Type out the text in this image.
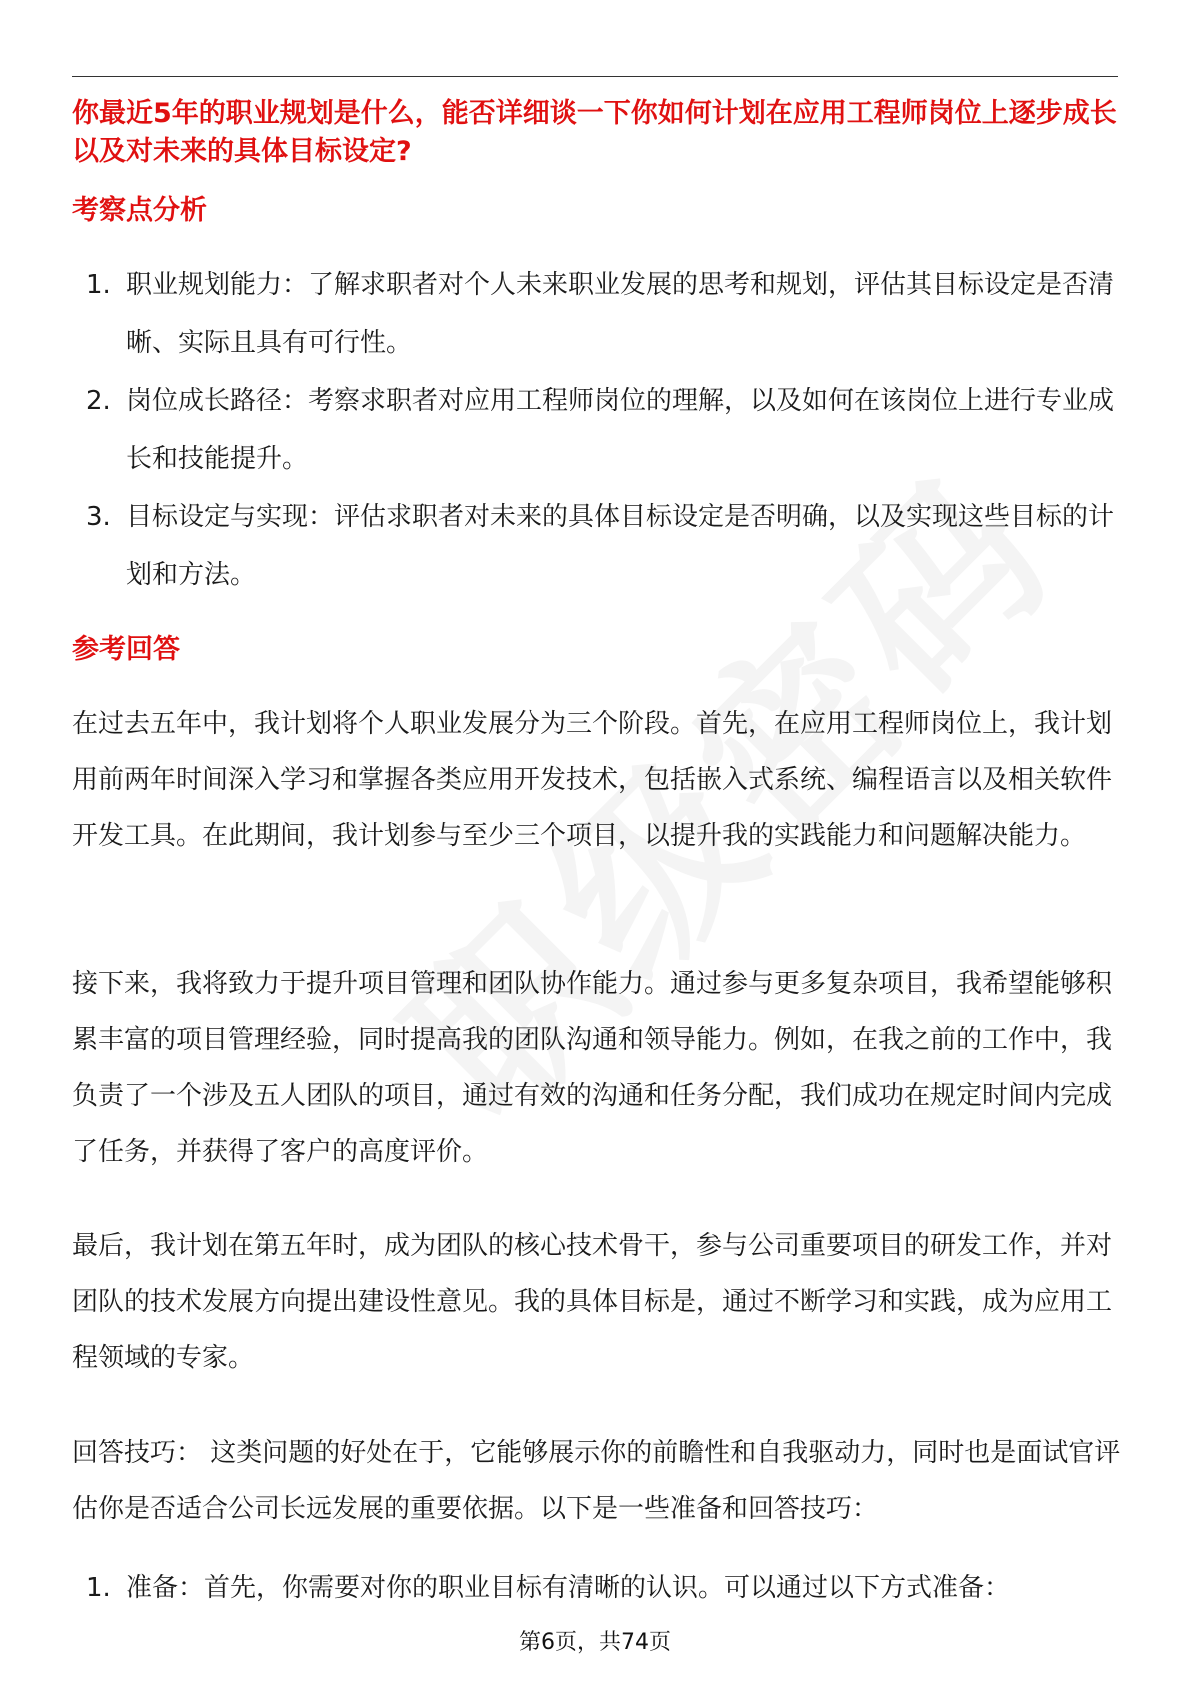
你最近5年的职业规划是什么，能否详细谈一下你如何计划在应用工程师岗位上逐步成长以及对未来的具体目标设定?
考察点分析
1. 职业规划能力：了解求职者对个人未来职业发展的思考和规划，评估其目标设定是否清晰、实际且具有可行性。
2. 岗位成长路径：考察求职者对应用工程师岗位的理解，以及如何在该岗位上进行专业成长和技能提升。
3. 目标设定与实现：评估求职者对未来的具体目标设定是否明确，以及实现这些目标的计划和方法。
参考回答

在过去五年中，我计划将个人职业发展分为三个阶段。首先，在应用工程师岗位上，我计划用前两年时间深入学习和掌握各类应用开发技术，包括嵌入式系统、编程语言以及相关软件开发工具。在此期间，我计划参与至少三个项目，以提升我的实践能力和问题解决能力。

接下来，我将致力于提升项目管理和团队协作能力。通过参与更多复杂项目，我希望能够积累丰富的项目管理经验，同时提高我的团队沟通和领导能力。例如，在我之前的工作中，我负责了一个涉及五人团队的项目，通过有效的沟通和任务分配，我们成功在规定时间内完成了任务，并获得了客户的高度评价。

最后，我计划在第五年时，成为团队的核心技术骨干，参与公司重要项目的研发工作，并对团队的技术发展方向提出建设性意见。我的具体目标是，通过不断学习和实践，成为应用工程领域的专家。

回答技巧： 这类问题的好处在于，它能够展示你的前瞻性和自我驱动力，同时也是面试官评估你是否适合公司长远发展的重要依据。以下是一些准备和回答技巧：

1. 准备：首先，你需要对你的职业目标有清晰的认识。可以通过以下方式准备：
第6页，共74页
